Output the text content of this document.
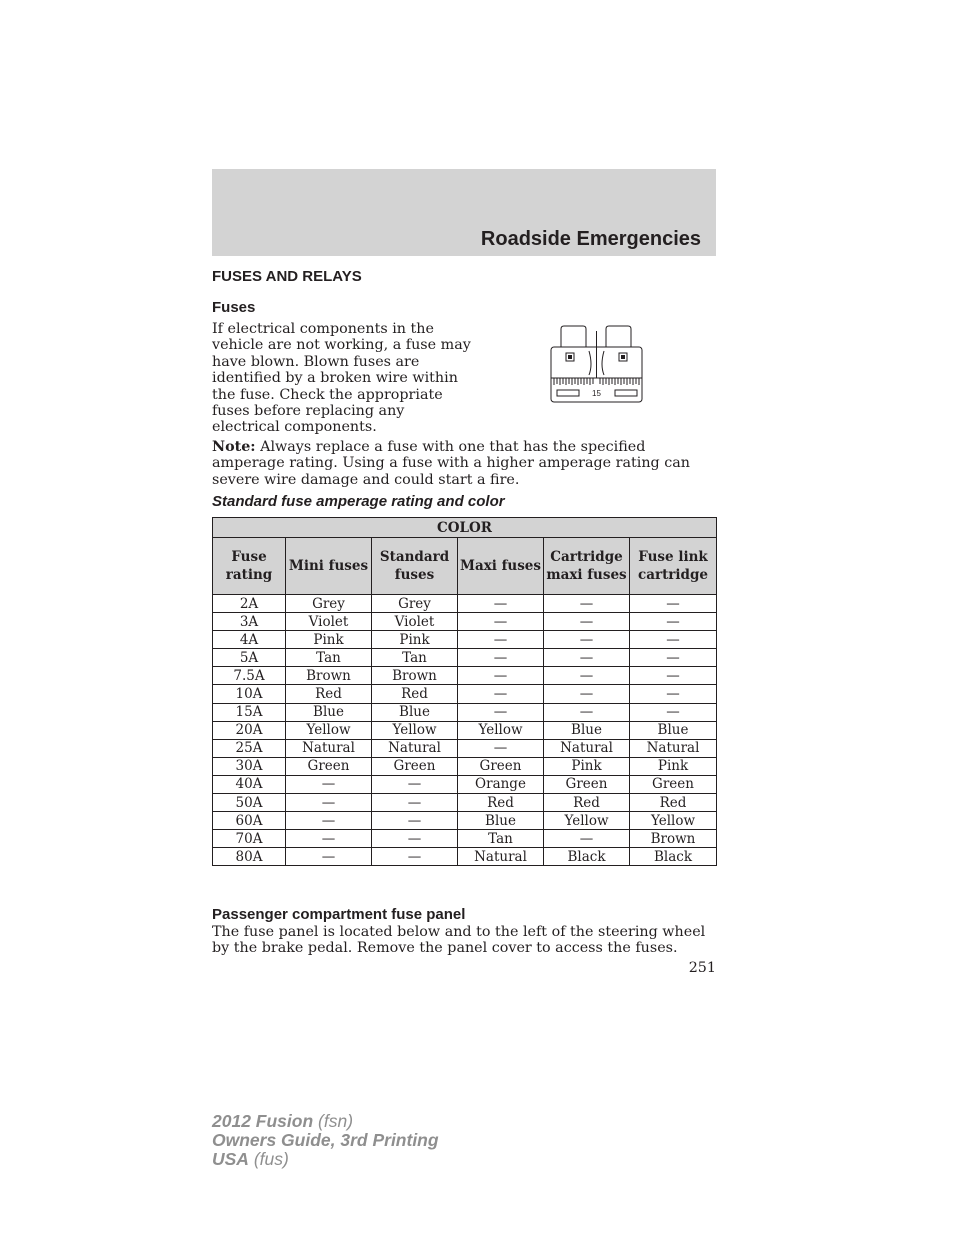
Roadside Emergencies
FUSES AND RELAYS
Fuses
If electrical components in the vehicle are not working, a fuse may have blown. Blown fuses are identified by a broken wire within the fuse. Check the appropriate fuses before replacing any electrical components.
15
Note: Always replace a fuse with one that has the specified amperage rating. Using a fuse with a higher amperage rating can severe wire damage and could start a fire.
Standard fuse amperage rating and color
COLOR					
Fuse rating	Mini fuses	Standard fuses	Maxi fuses	Cartridge maxi fuses	Fuse link cartridge
2A	Grey	Grey	—	—	—
3A	Violet	Violet	—	—	—
4A	Pink	Pink	—	—	—
5A	Tan	Tan	—	—	—
7.5A	Brown	Brown	—	—	—
10A	Red	Red	—	—	—
15A	Blue	Blue	—	—	—
20A	Yellow	Yellow	Yellow	Blue	Blue
25A	Natural	Natural	—	Natural	Natural
30A	Green	Green	Green	Pink	Pink
40A	—	—	Orange	Green	Green
50A	—	—	Red	Red	Red
60A	—	—	Blue	Yellow	Yellow
70A	—	—	Tan	—	Brown
80A	—	—	Natural	Black	Black
Passenger compartment fuse panel
The fuse panel is located below and to the left of the steering wheel by the brake pedal. Remove the panel cover to access the fuses.
251
2012 Fusion (fsn)
Owners Guide, 3rd Printing
USA (fus)
